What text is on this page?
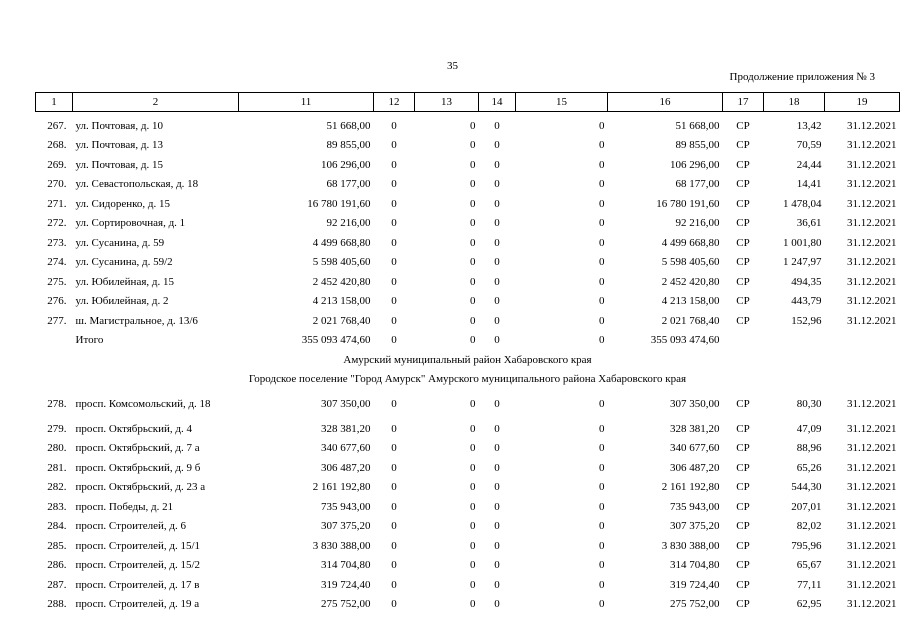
35
Продолжение приложения № 3
1	2	11	12	13	14	15	16	17	18	19
267.	ул. Почтовая, д. 10	51 668,00	0	0	0	0	51 668,00	СР	13,42	31.12.2021
268.	ул. Почтовая, д. 13	89 855,00	0	0	0	0	89 855,00	СР	70,59	31.12.2021
269.	ул. Почтовая, д. 15	106 296,00	0	0	0	0	106 296,00	СР	24,44	31.12.2021
270.	ул. Севастопольская, д. 18	68 177,00	0	0	0	0	68 177,00	СР	14,41	31.12.2021
271.	ул. Сидоренко, д. 15	16 780 191,60	0	0	0	0	16 780 191,60	СР	1 478,04	31.12.2021
272.	ул. Сортировочная, д. 1	92 216,00	0	0	0	0	92 216,00	СР	36,61	31.12.2021
273.	ул. Сусанина, д. 59	4 499 668,80	0	0	0	0	4 499 668,80	СР	1 001,80	31.12.2021
274.	ул. Сусанина, д. 59/2	5 598 405,60	0	0	0	0	5 598 405,60	СР	1 247,97	31.12.2021
275.	ул. Юбилейная, д. 15	2 452 420,80	0	0	0	0	2 452 420,80	СР	494,35	31.12.2021
276.	ул. Юбилейная, д. 2	4 213 158,00	0	0	0	0	4 213 158,00	СР	443,79	31.12.2021
277.	ш. Магистральное, д. 13/6	2 021 768,40	0	0	0	0	2 021 768,40	СР	152,96	31.12.2021
	Итого	355 093 474,60	0	0	0	0	355 093 474,60			
Амурский муниципальный район Хабаровского края										
Городское поселение "Город Амурск" Амурского муниципального района Хабаровского края										
278.	просп. Комсомольский, д. 18	307 350,00	0	0	0	0	307 350,00	СР	80,30	31.12.2021
279.	просп. Октябрьский, д. 4	328 381,20	0	0	0	0	328 381,20	СР	47,09	31.12.2021
280.	просп. Октябрьский, д. 7 а	340 677,60	0	0	0	0	340 677,60	СР	88,96	31.12.2021
281.	просп. Октябрьский, д. 9 б	306 487,20	0	0	0	0	306 487,20	СР	65,26	31.12.2021
282.	просп. Октябрьский, д. 23 а	2 161 192,80	0	0	0	0	2 161 192,80	СР	544,30	31.12.2021
283.	просп. Победы, д. 21	735 943,00	0	0	0	0	735 943,00	СР	207,01	31.12.2021
284.	просп. Строителей, д. 6	307 375,20	0	0	0	0	307 375,20	СР	82,02	31.12.2021
285.	просп. Строителей, д. 15/1	3 830 388,00	0	0	0	0	3 830 388,00	СР	795,96	31.12.2021
286.	просп. Строителей, д. 15/2	314 704,80	0	0	0	0	314 704,80	СР	65,67	31.12.2021
287.	просп. Строителей, д. 17 в	319 724,40	0	0	0	0	319 724,40	СР	77,11	31.12.2021
288.	просп. Строителей, д. 19 а	275 752,00	0	0	0	0	275 752,00	СР	62,95	31.12.2021
